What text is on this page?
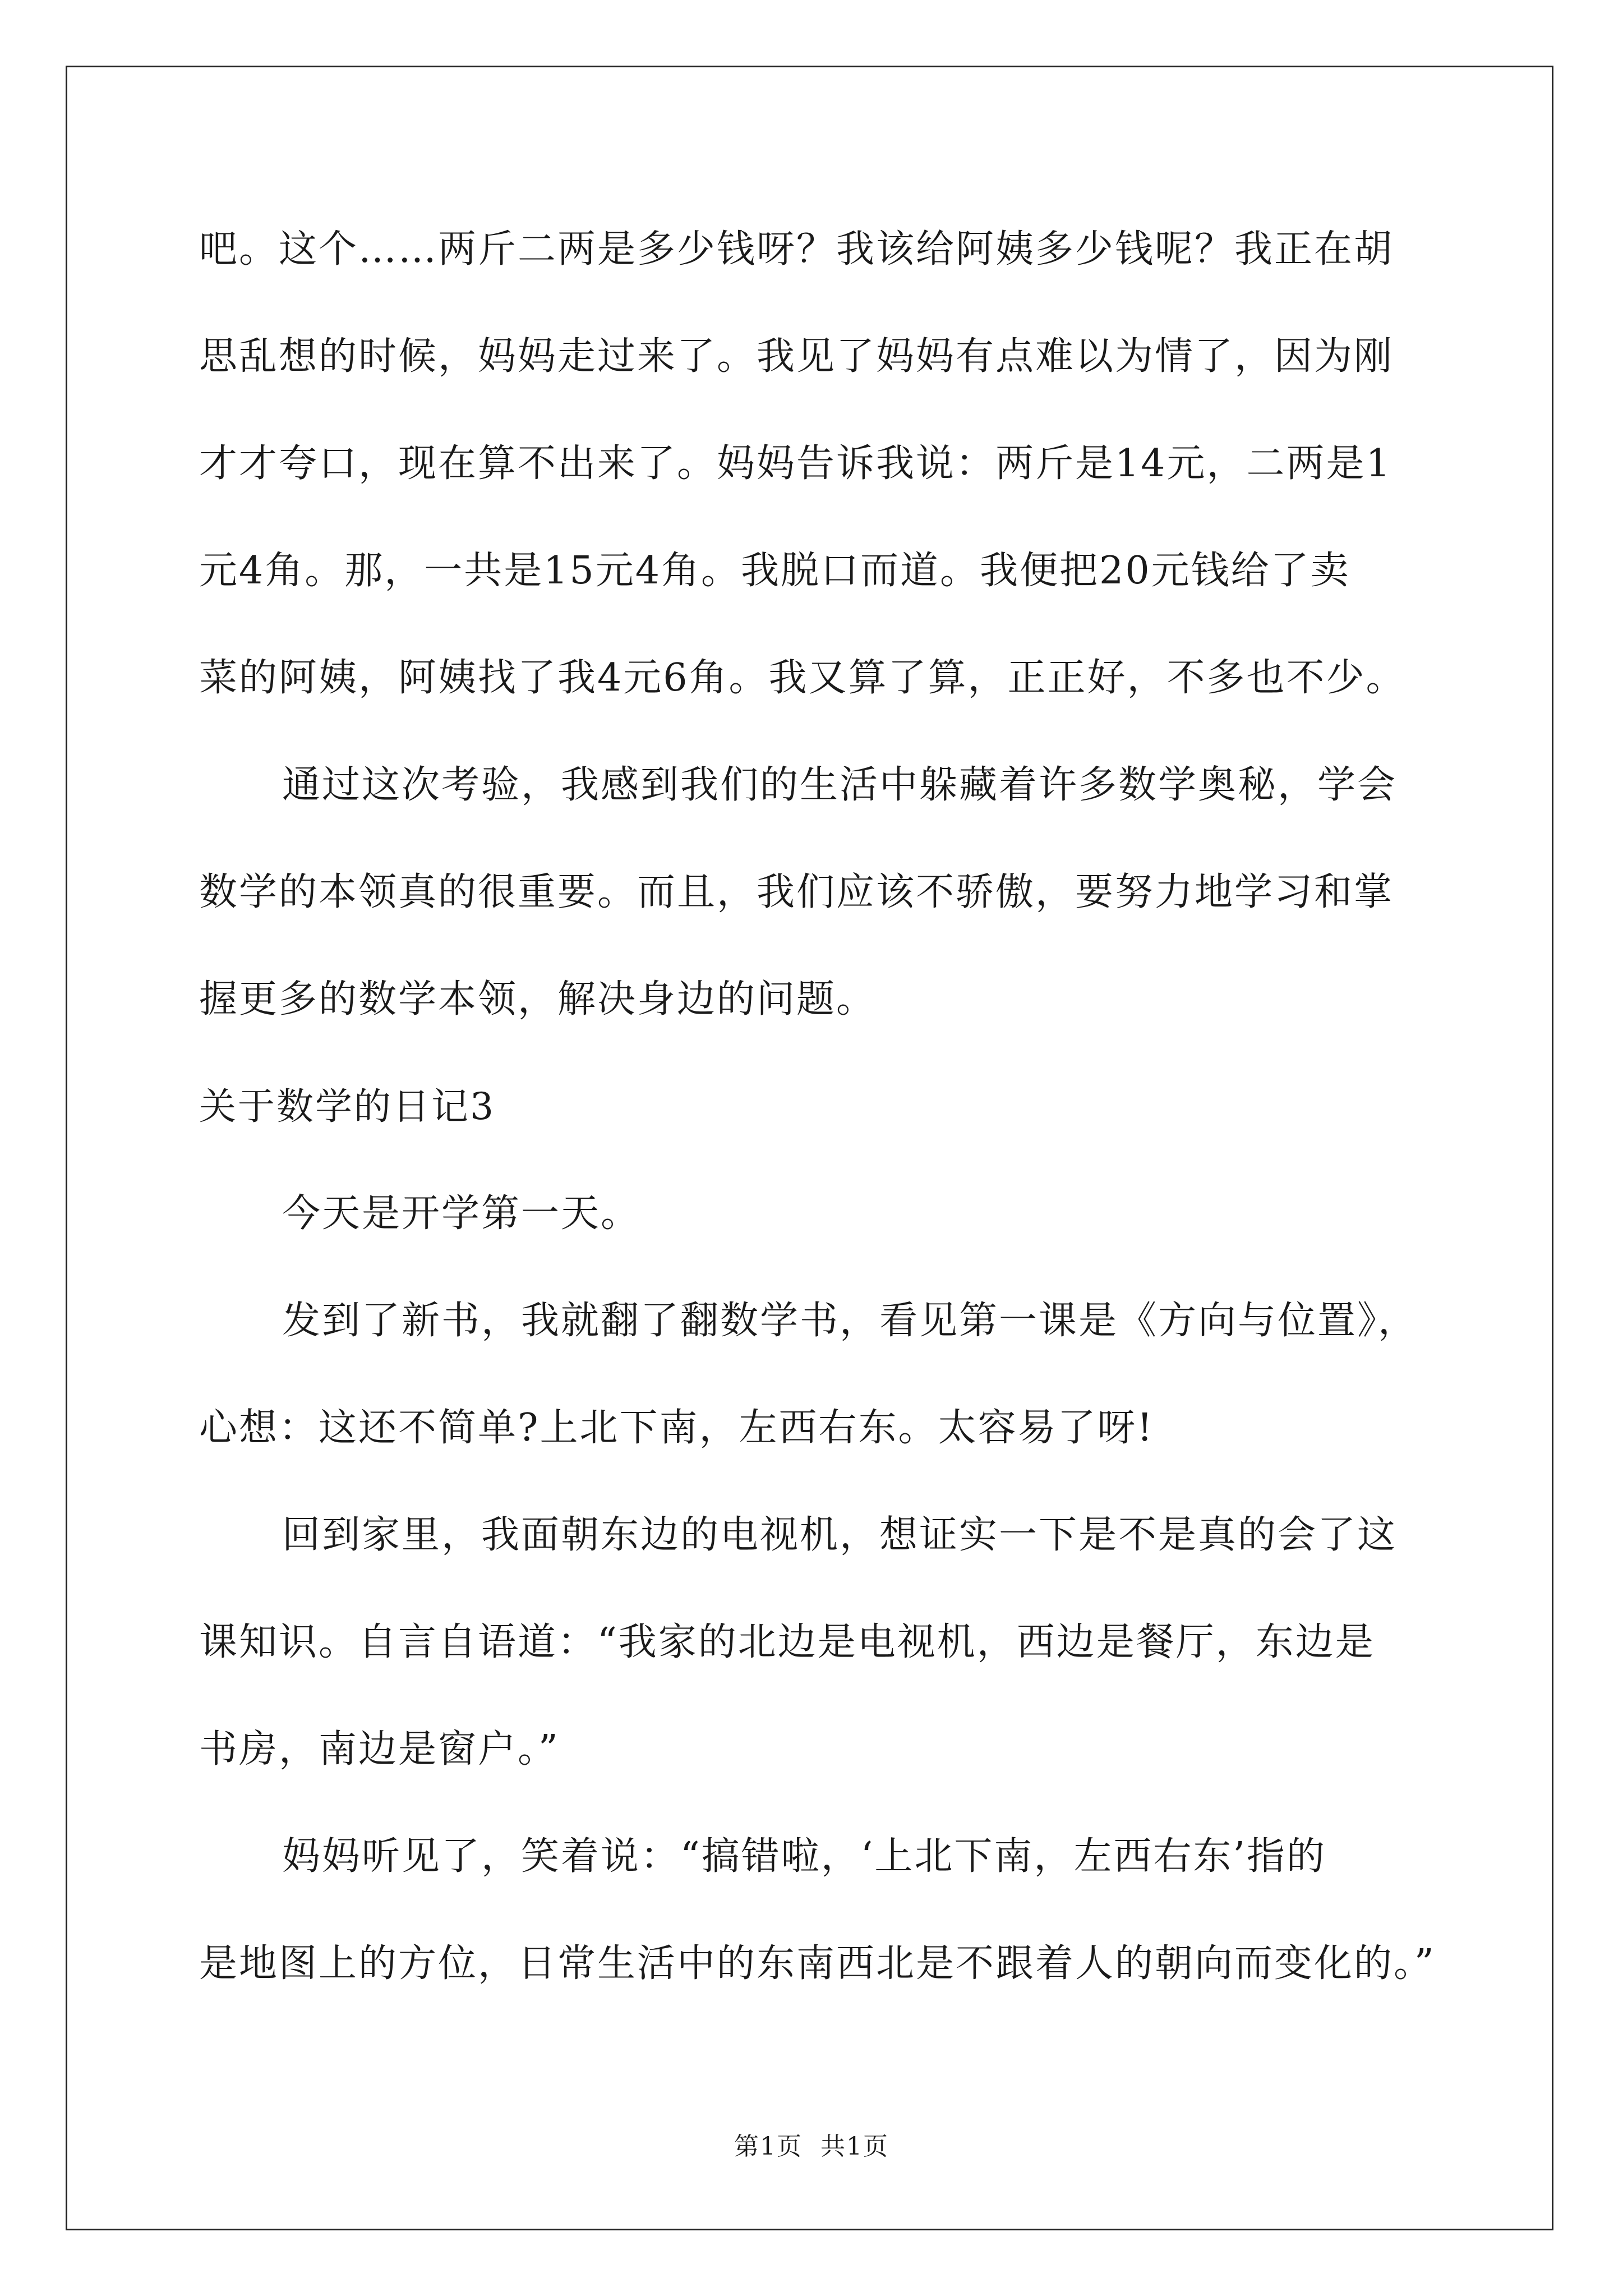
吧。这个……两斤二两是多少钱呀？我该给阿姨多少钱呢？我正在胡
思乱想的时候，妈妈走过来了。我见了妈妈有点难以为情了，因为刚
才才夸口，现在算不出来了。妈妈告诉我说：两斤是14元，二两是1
元4角。那，一共是15元4角。我脱口而道。我便把20元钱给了卖
菜的阿姨，阿姨找了我4元6角。我又算了算，正正好，不多也不少。
通过这次考验，我感到我们的生活中躲藏着许多数学奥秘，学会
数学的本领真的很重要。而且，我们应该不骄傲，要努力地学习和掌
握更多的数学本领，解决身边的问题。
关于数学的日记3
今天是开学第一天。
发到了新书，我就翻了翻数学书，看见第一课是《方向与位置》，
心想：这还不简单?上北下南，左西右东。太容易了呀!
回到家里，我面朝东边的电视机，想证实一下是不是真的会了这
课知识。自言自语道：“我家的北边是电视机，西边是餐厅，东边是
书房，南边是窗户。”
妈妈听见了，笑着说：“搞错啦，‘上北下南，左西右东’指的
是地图上的方位，日常生活中的东南西北是不跟着人的朝向而变化的。”
第1页  共1页
